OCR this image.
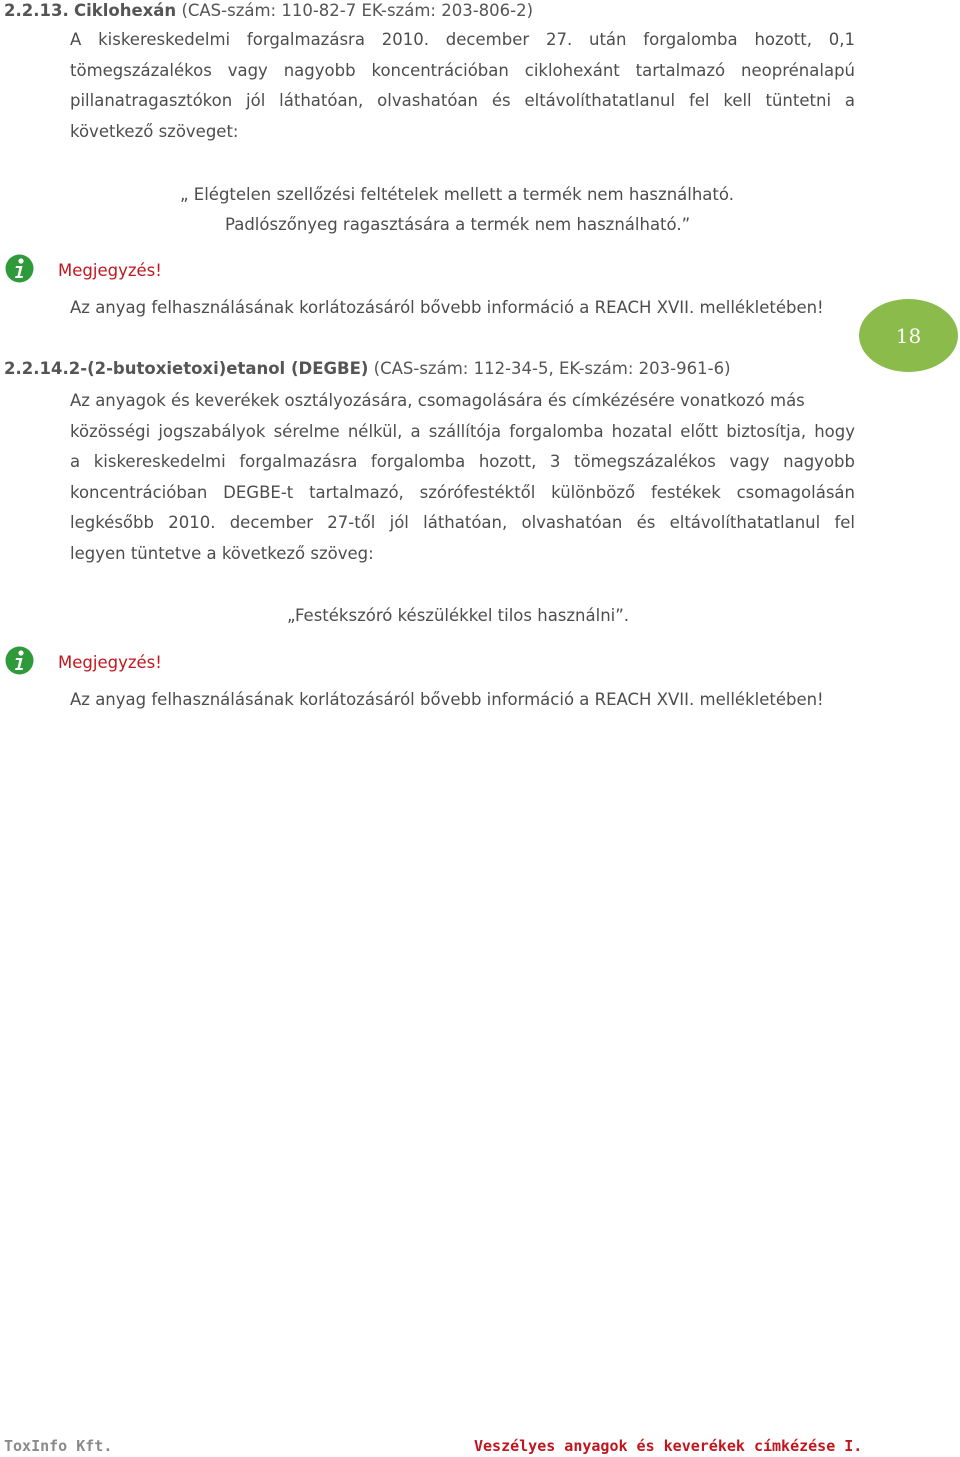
2.2.13. Ciklohexán (CAS-szám: 110-82-7 EK-szám: 203-806-2)
A kiskereskedelmi forgalmazásra 2010. december 27. után forgalomba hozott, 0,1
tömegszázalékos vagy nagyobb koncentrációban ciklohexánt tartalmazó neoprénalapú
pillanatragasztókon jól láthatóan, olvashatóan és eltávolíthatatlanul fel kell tüntetni a
következő szöveget:
„ Elégtelen szellőzési feltételek mellett a termék nem használható.
Padlószőnyeg ragasztására a termék nem használható.”
Megjegyzés!
Az anyag felhasználásának korlátozásáról bővebb információ a REACH XVII. mellékletében!
18
2.2.14.2-(2-butoxietoxi)etanol (DEGBE) (CAS-szám: 112-34-5, EK-szám: 203-961-6)
Az anyagok és keverékek osztályozására, csomagolására és címkézésére vonatkozó más
közösségi jogszabályok sérelme nélkül, a szállítója forgalomba hozatal előtt biztosítja, hogy
a kiskereskedelmi forgalmazásra forgalomba hozott, 3 tömegszázalékos vagy nagyobb
koncentrációban DEGBE-t tartalmazó, szórófestéktől különböző festékek csomagolásán
legkésőbb 2010. december 27-től jól láthatóan, olvashatóan és eltávolíthatatlanul fel
legyen tüntetve a következő szöveg:
„Festékszóró készülékkel tilos használni”.
Megjegyzés!
Az anyag felhasználásának korlátozásáról bővebb információ a REACH XVII. mellékletében!
ToxInfo Kft.	Veszélyes anyagok és keverékek címkézése I.
